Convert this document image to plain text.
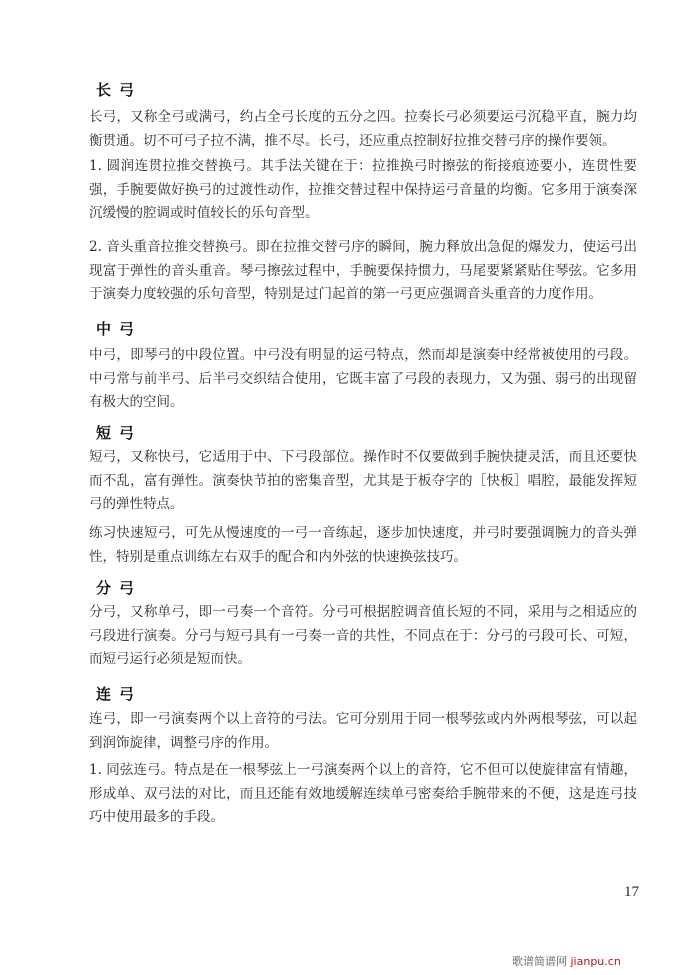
长弓

长弓，又称全弓或满弓，约占全弓长度的五分之四。拉奏长弓必须要运弓沉稳平直，腕力均衡贯通。切不可弓子拉不满，推不尽。长弓，还应重点控制好拉推交替弓序的操作要领。

1. 圆润连贯拉推交替换弓。其手法关键在于：拉推换弓时擦弦的衔接痕迹要小，连贯性要强，手腕要做好换弓的过渡性动作，拉推交替过程中保持运弓音量的均衡。它多用于演奏深沉缓慢的腔调或时值较长的乐句音型。

2. 音头重音拉推交替换弓。即在拉推交替弓序的瞬间，腕力释放出急促的爆发力，使运弓出现富于弹性的音头重音。琴弓擦弦过程中，手腕要保持惯力，马尾要紧紧贴住琴弦。它多用于演奏力度较强的乐句音型，特别是过门起首的第一弓更应强调音头重音的力度作用。

中弓

中弓，即琴弓的中段位置。中弓没有明显的运弓特点，然而却是演奏中经常被使用的弓段。中弓常与前半弓、后半弓交织结合使用，它既丰富了弓段的表现力，又为强、弱弓的出现留有极大的空间。

短弓

短弓，又称快弓，它适用于中、下弓段部位。操作时不仅要做到手腕快捷灵活，而且还要快而不乱，富有弹性。演奏快节拍的密集音型，尤其是于板夺字的［快板］唱腔，最能发挥短弓的弹性特点。

练习快速短弓，可先从慢速度的一弓一音练起，逐步加快速度，并弓时要强调腕力的音头弹性，特别是重点训练左右双手的配合和内外弦的快速换弦技巧。

分弓

分弓，又称单弓，即一弓奏一个音符。分弓可根据腔调音值长短的不同，采用与之相适应的弓段进行演奏。分弓与短弓具有一弓奏一音的共性，不同点在于：分弓的弓段可长、可短，而短弓运行必须是短而快。

连弓

连弓，即一弓演奏两个以上音符的弓法。它可分别用于同一根琴弦或内外两根琴弦，可以起到润饰旋律，调整弓序的作用。

1. 同弦连弓。特点是在一根琴弦上一弓演奏两个以上的音符，它不但可以使旋律富有情趣，形成单、双弓法的对比，而且还能有效地缓解连续单弓密奏给手腕带来的不便，这是连弓技巧中使用最多的手段。

17
歌谱简谱网 jianpu.cn
